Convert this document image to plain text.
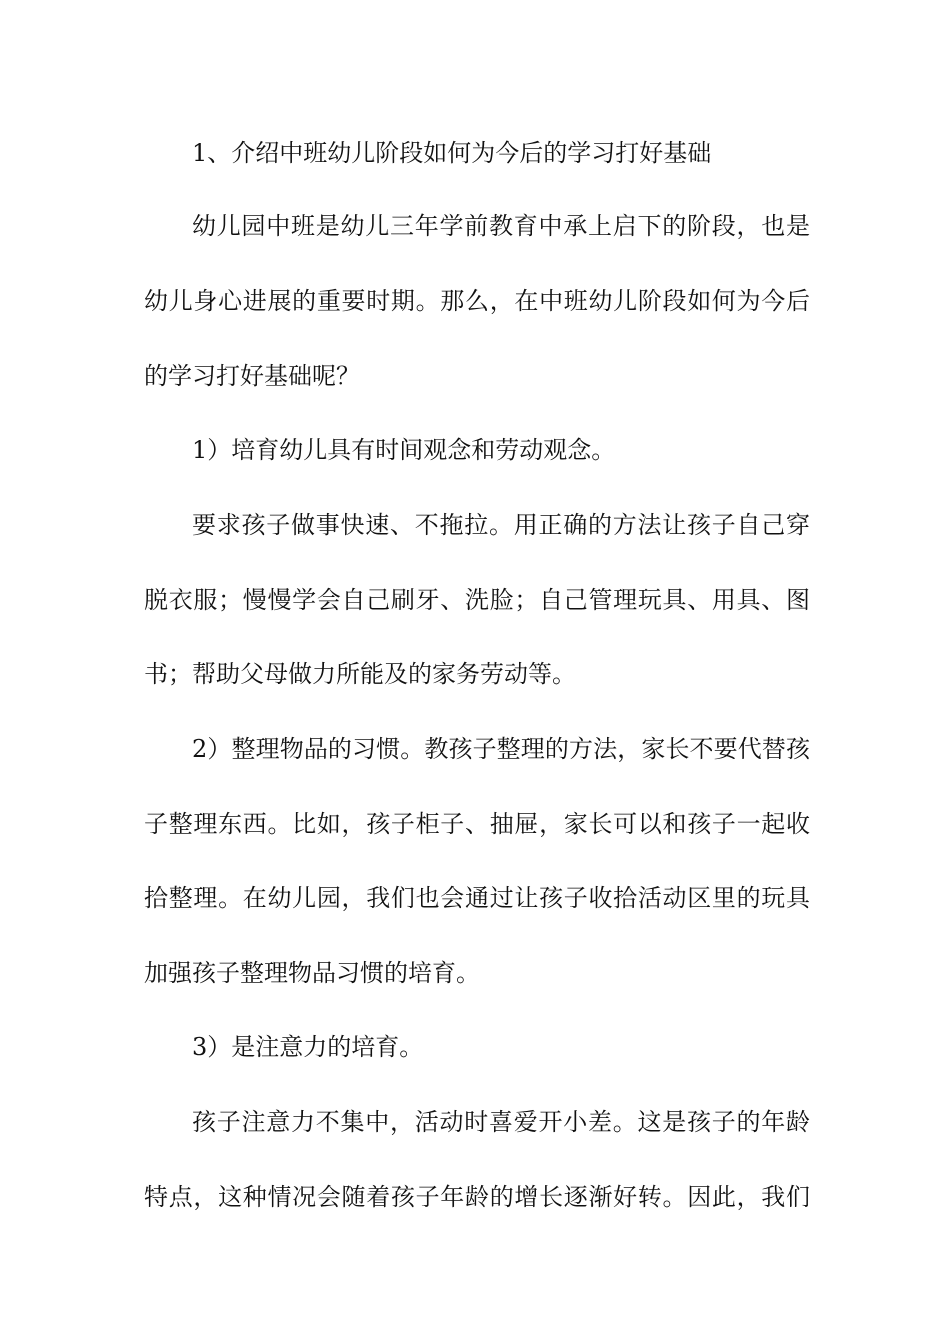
1、介绍中班幼儿阶段如何为今后的学习打好基础

幼儿园中班是幼儿三年学前教育中承上启下的阶段，也是

幼儿身心进展的重要时期。那么，在中班幼儿阶段如何为今后

的学习打好基础呢？

1）培育幼儿具有时间观念和劳动观念。

要求孩子做事快速、不拖拉。用正确的方法让孩子自己穿

脱衣服；慢慢学会自己刷牙、洗脸；自己管理玩具、用具、图

书；帮助父母做力所能及的家务劳动等。

2）整理物品的习惯。教孩子整理的方法，家长不要代替孩

子整理东西。比如，孩子柜子、抽屉，家长可以和孩子一起收

拾整理。在幼儿园，我们也会通过让孩子收拾活动区里的玩具

加强孩子整理物品习惯的培育。

3）是注意力的培育。

孩子注意力不集中，活动时喜爱开小差。这是孩子的年龄

特点，这种情况会随着孩子年龄的增长逐渐好转。因此，我们
